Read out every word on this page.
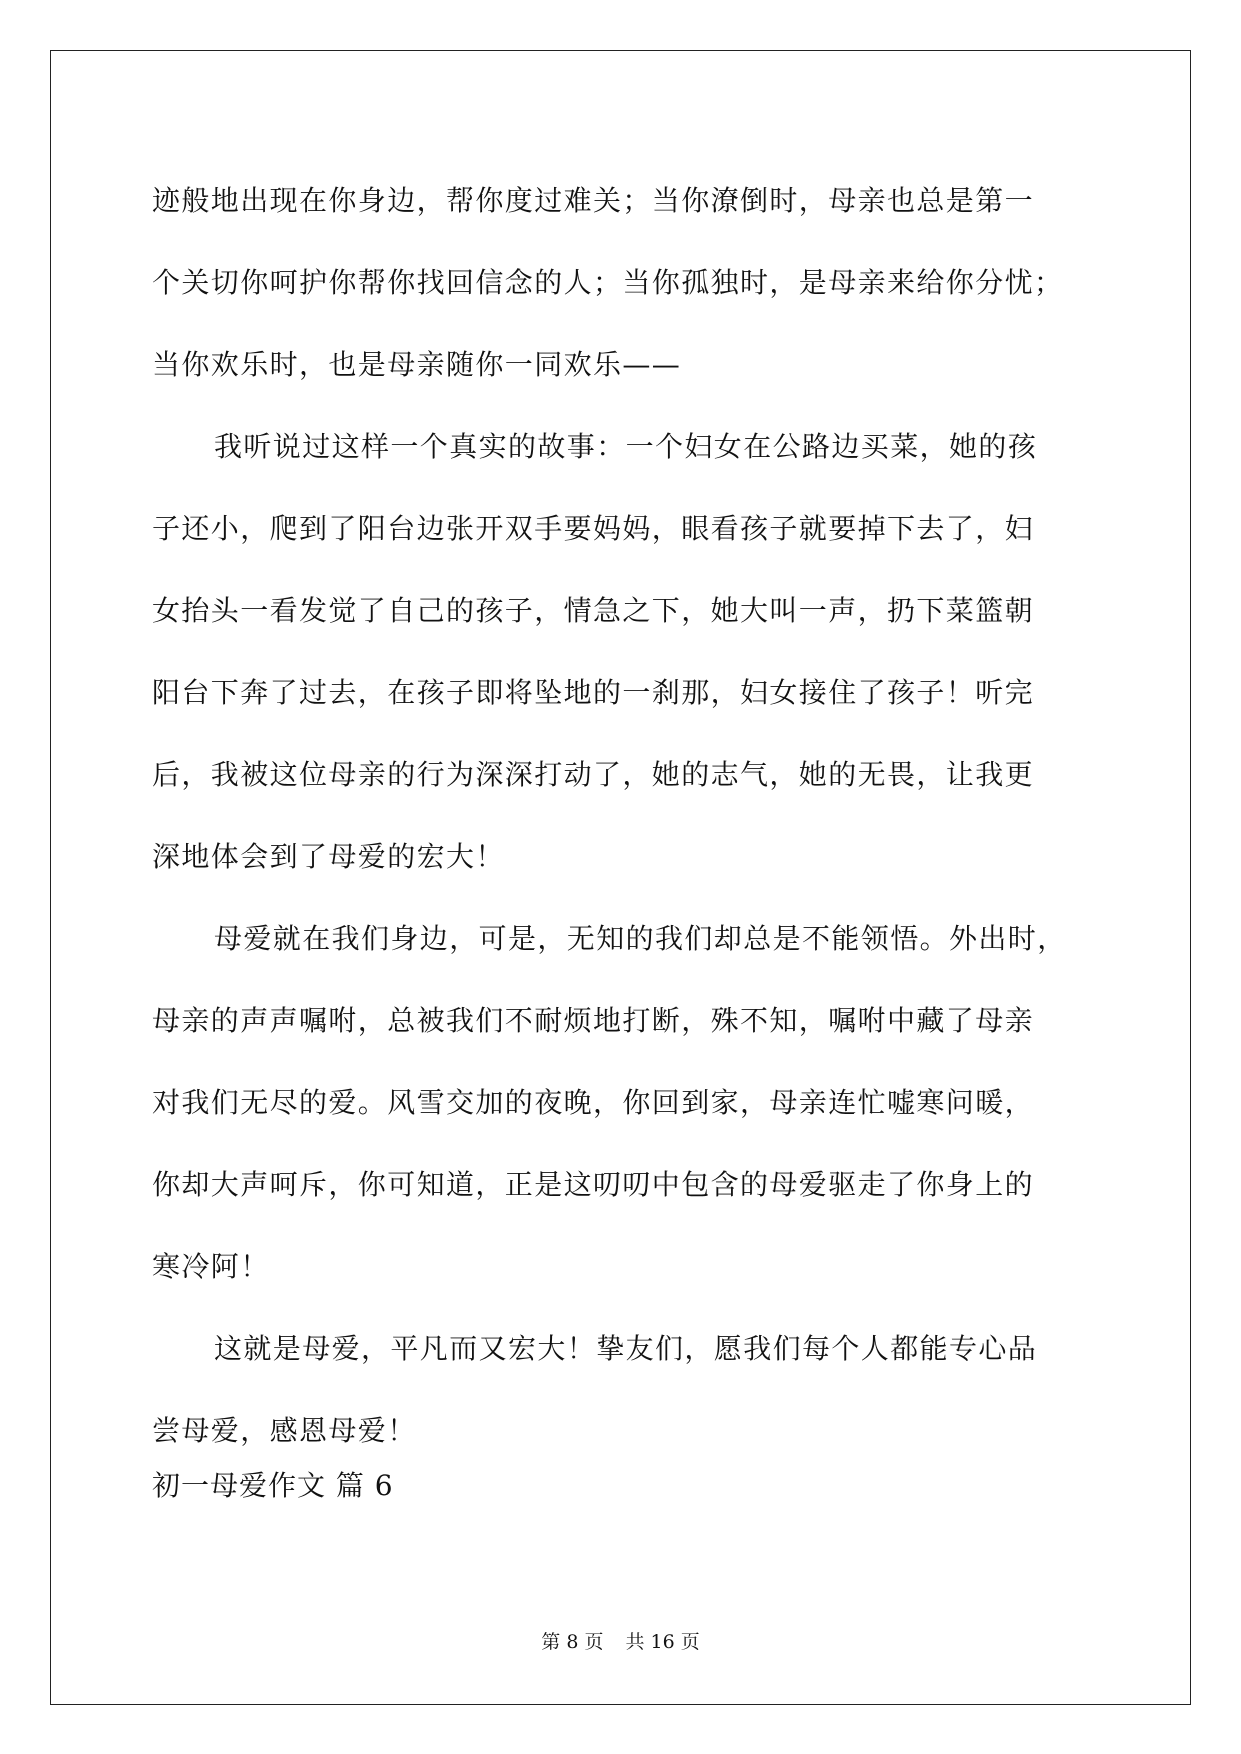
迹般地出现在你身边，帮你度过难关；当你潦倒时，母亲也总是第一
个关切你呵护你帮你找回信念的人；当你孤独时，是母亲来给你分忧；
当你欢乐时，也是母亲随你一同欢乐——
我听说过这样一个真实的故事：一个妇女在公路边买菜，她的孩
子还小，爬到了阳台边张开双手要妈妈，眼看孩子就要掉下去了，妇
女抬头一看发觉了自己的孩子，情急之下，她大叫一声，扔下菜篮朝
阳台下奔了过去，在孩子即将坠地的一刹那，妇女接住了孩子！听完
后，我被这位母亲的行为深深打动了，她的志气，她的无畏，让我更
深地体会到了母爱的宏大！
母爱就在我们身边，可是，无知的我们却总是不能领悟。外出时，
母亲的声声嘱咐，总被我们不耐烦地打断，殊不知，嘱咐中藏了母亲
对我们无尽的爱。风雪交加的夜晚，你回到家，母亲连忙嘘寒问暖，
你却大声呵斥，你可知道，正是这叨叨中包含的母爱驱走了你身上的
寒冷阿！
这就是母爱，平凡而又宏大！挚友们，愿我们每个人都能专心品
尝母爱，感恩母爱！
初一母爱作文 篇 6
第 8 页 共 16 页
